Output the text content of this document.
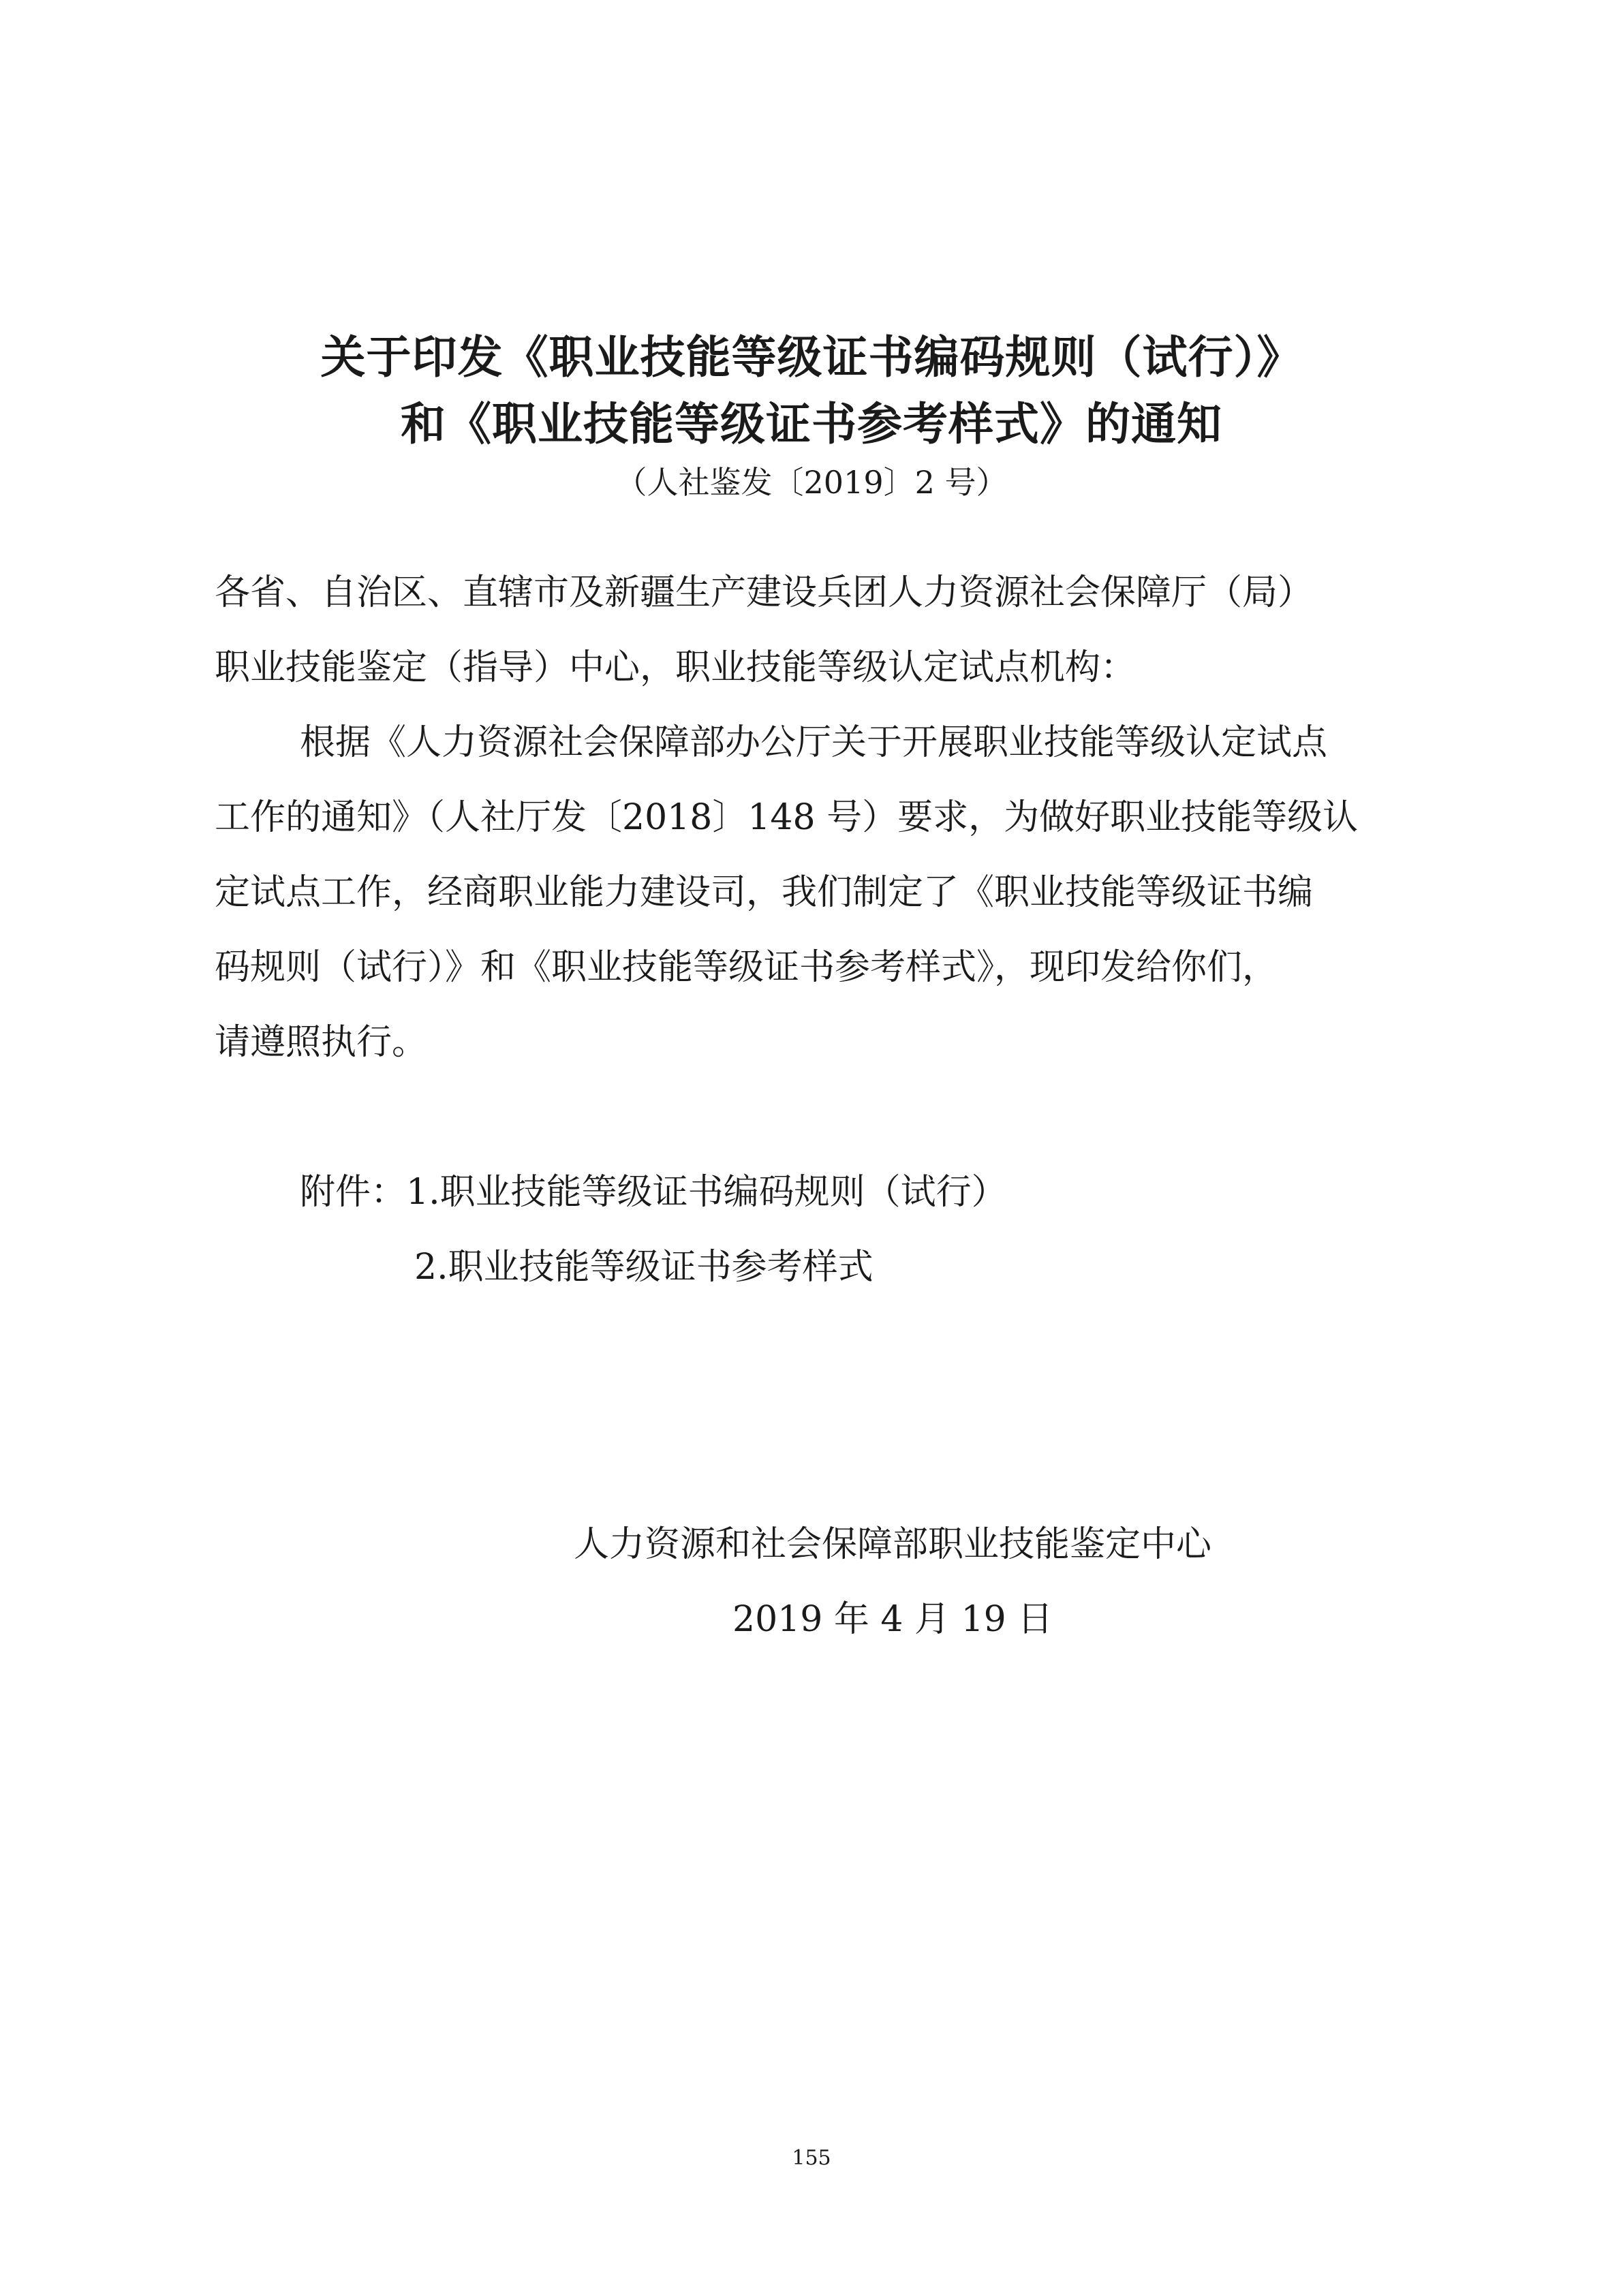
关于印发《职业技能等级证书编码规则（试行）》
和《职业技能等级证书参考样式》的通知
（人社鉴发〔2019〕2 号）
各省、自治区、直辖市及新疆生产建设兵团人力资源社会保障厅（局）
职业技能鉴定（指导）中心，职业技能等级认定试点机构：
根据《人力资源社会保障部办公厅关于开展职业技能等级认定试点
工作的通知》（人社厅发〔2018〕148 号）要求，为做好职业技能等级认
定试点工作，经商职业能力建设司，我们制定了《职业技能等级证书编
码规则（试行）》和《职业技能等级证书参考样式》，现印发给你们，
请遵照执行。
附件：1.职业技能等级证书编码规则（试行）
2.职业技能等级证书参考样式
人力资源和社会保障部职业技能鉴定中心
2019 年 4 月 19 日
155
